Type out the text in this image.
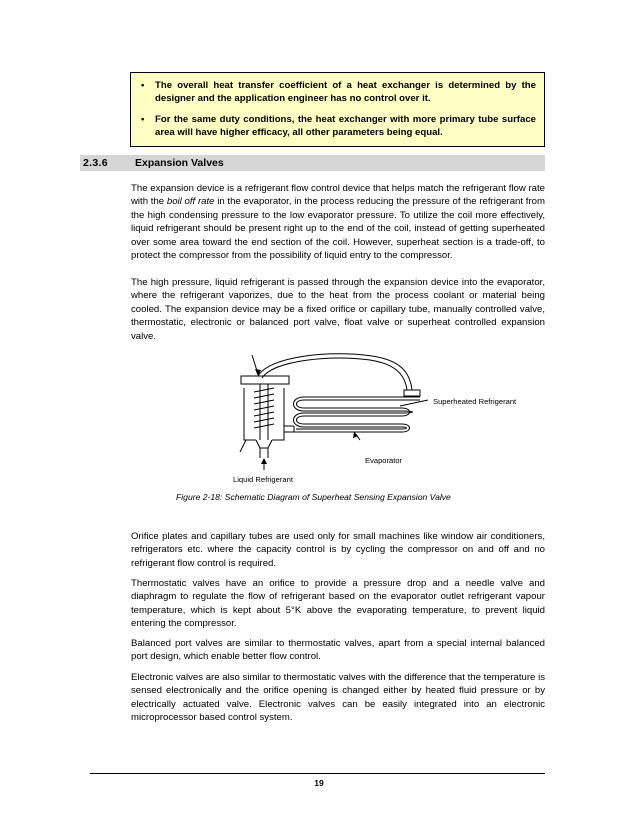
• The overall heat transfer coefficient of a heat exchanger is determined by the designer and the application engineer has no control over it.
• For the same duty conditions, the heat exchanger with more primary tube surface area will have higher efficacy, all other parameters being equal.
2.3.6	Expansion Valves

The expansion device is a refrigerant flow control device that helps match the refrigerant flow rate with the boil off rate in the evaporator, in the process reducing the pressure of the refrigerant from the high condensing pressure to the low evaporator pressure. To utilize the coil more effectively, liquid refrigerant should be present right up to the end of the coil, instead of getting superheated over some area toward the end section of the coil. However, superheat section is a trade-off, to protect the compressor from the possibility of liquid entry to the compressor.

The high pressure, liquid refrigerant is passed through the expansion device into the evaporator, where the refrigerant vaporizes, due to the heat from the process coolant or material being cooled. The expansion device may be a fixed orifice or capillary tube, manually controlled valve, thermostatic, electronic or balanced port valve, float valve or superheat controlled expansion valve.

Superheated Refrigerant
Evaporator
Liquid Refrigerant
Figure 2-18: Schematic Diagram of Superheat Sensing Expansion Valve

Orifice plates and capillary tubes are used only for small machines like window air conditioners, refrigerators etc. where the capacity control is by cycling the compressor on and off and no refrigerant flow control is required.

Thermostatic valves have an orifice to provide a pressure drop and a needle valve and diaphragm to regulate the flow of refrigerant based on the evaporator outlet refrigerant vapour temperature, which is kept about 5°K above the evaporating temperature, to prevent liquid entering the compressor.

Balanced port valves are similar to thermostatic valves, apart from a special internal balanced port design, which enable better flow control.

Electronic valves are also similar to thermostatic valves with the difference that the temperature is sensed electronically and the orifice opening is changed either by heated fluid pressure or by electrically actuated valve. Electronic valves can be easily integrated into an electronic microprocessor based control system.

19
